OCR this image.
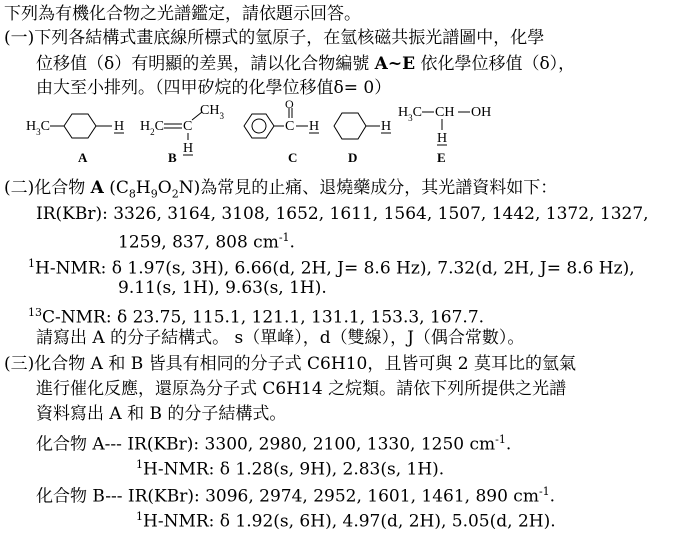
下列為有機化合物之光譜鑑定，請依題示回答。
(一)下列各結構式畫底線所標式的氫原子，在氫核磁共振光譜圖中，化學
位移值（δ）有明顯的差異，請以化合物編號 A~E 依化學位移值（δ），
由大至小排列。（四甲矽烷的化學位移值δ= 0）
$H_3C$	H
A
$H_2C$ C
$CH_3$
H
B
C
O
H
C
H
D
$H_3C$ CH OH
H
E
(二)化合物 A $(C_8H_9O_2N)$為常見的止痛、退燒藥成分，其光譜資料如下：
IR(KBr): 3326, 3164, 3108, 1652, 1611, 1564, 1507, 1442, 1372, 1327,
1259, 837, 808 $cm^{-1}$.
$^1$H-NMR: δ 1.97(s, 3H), 6.66(d, 2H, J= 8.6 Hz), 7.32(d, 2H, J= 8.6 Hz),
9.11(s, 1H), 9.63(s, 1H).
$^{13}$C-NMR: δ 23.75, 115.1, 121.1, 131.1, 153.3, 167.7.
請寫出 A 的分子結構式。 s（單峰），d（雙線），J（偶合常數）。
(三)化合物 A 和 B 皆具有相同的分子式 C6H10，且皆可與 2 莫耳比的氫氣
進行催化反應，還原為分子式 C6H14 之烷類。請依下列所提供之光譜
資料寫出 A 和 B 的分子結構式。
化合物 A--- IR(KBr): 3300, 2980, 2100, 1330, 1250 $cm^{-1}$.
$^1$H-NMR: δ 1.28(s, 9H), 2.83(s, 1H).
化合物 B--- IR(KBr): 3096, 2974, 2952, 1601, 1461, 890 $cm^{-1}$.
$^1$H-NMR: δ 1.92(s, 6H), 4.97(d, 2H), 5.05(d, 2H).
